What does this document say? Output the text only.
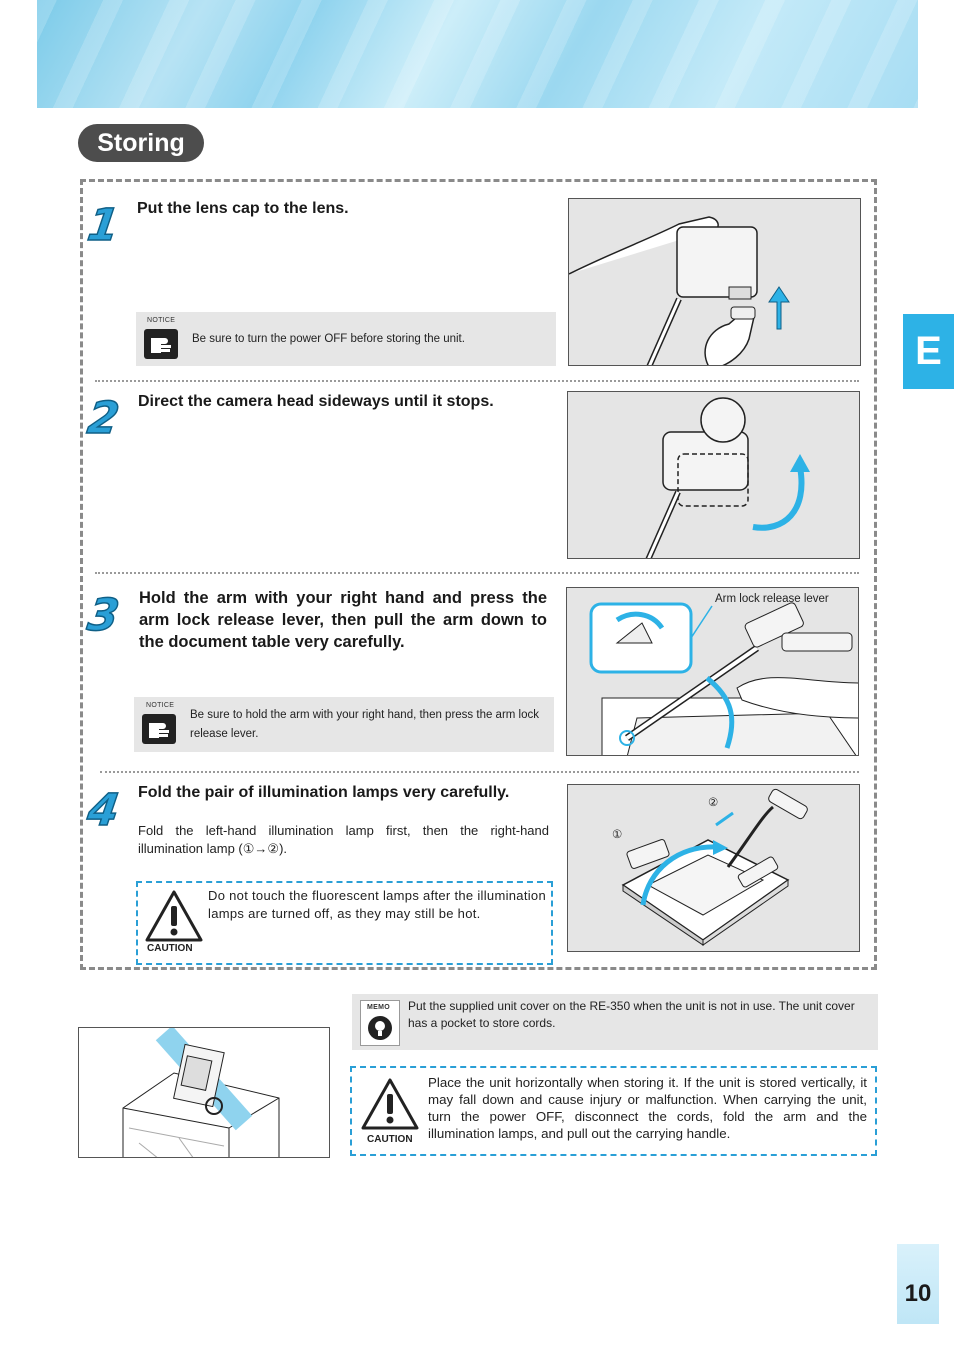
Storing
E
10
1 Put the lens cap to the lens.
NOTICE
Be sure to turn the power OFF before storing the unit.
2 Direct the camera head sideways until it stops.
3 Hold the arm with your right hand and press the arm lock release lever, then pull the arm down to the document table very carefully.
NOTICE
Be sure to hold the arm with your right hand, then press the arm lock release lever.
Arm lock release lever
4 Fold the pair of illumination lamps very carefully.
Fold the left-hand illumination lamp first, then the right-hand illumination lamp (①→②).
CAUTION
Do not touch the fluorescent lamps after the illumination lamps are turned off, as they may still be hot.
①
②
MEMO Put the supplied unit cover on the RE-350 when the unit is not in use. The unit cover has a pocket to store cords.
CAUTION
Place the unit horizontally when storing it. If the unit is stored vertically, it may fall down and cause injury or malfunction. When carrying the unit, turn the power OFF, disconnect the cords, fold the arm and the illumination lamps, and pull out the carrying handle.
